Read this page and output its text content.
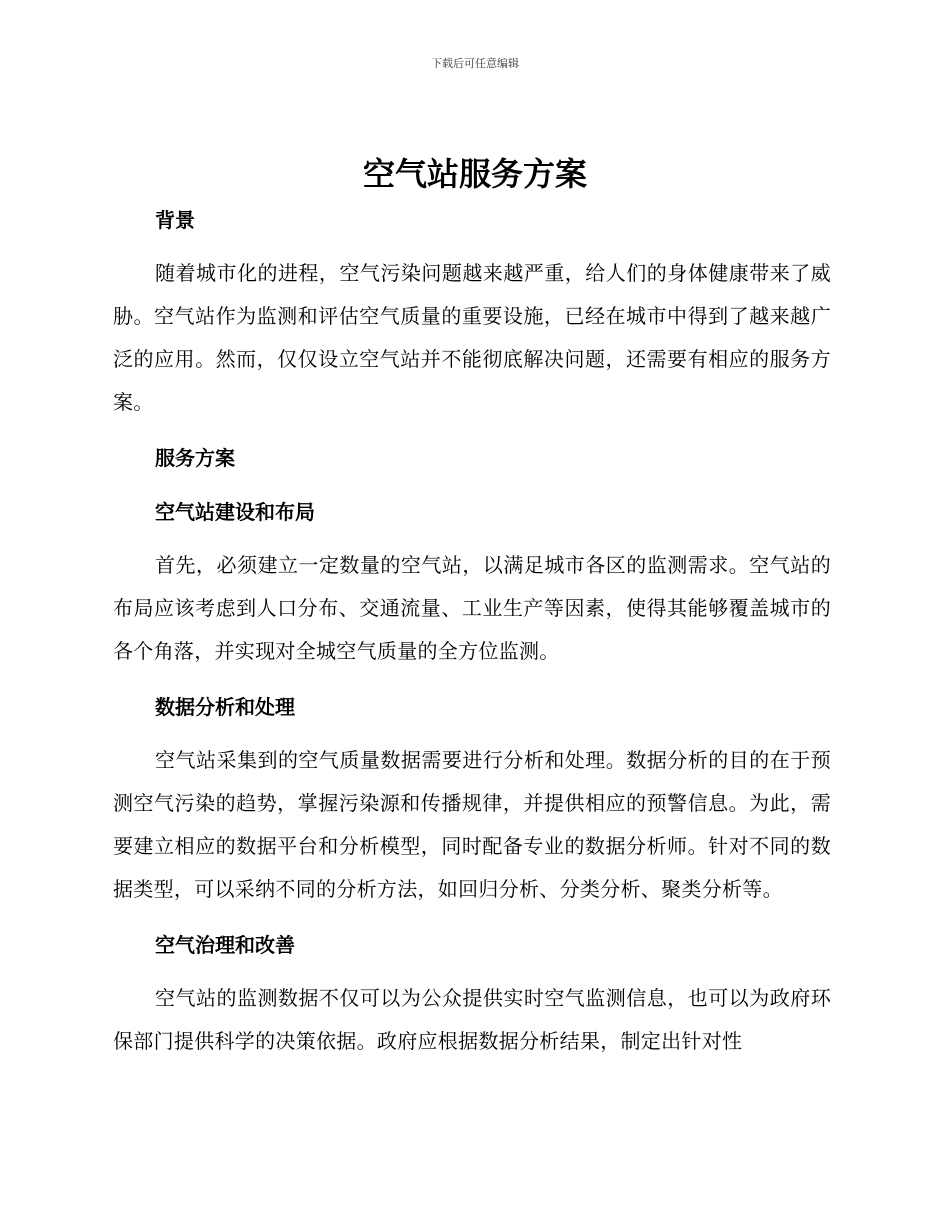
下载后可任意编辑
空气站服务方案
背景

随着城市化的进程，空气污染问题越来越严重，给人们的身体健康带来了威胁。空气站作为监测和评估空气质量的重要设施，已经在城市中得到了越来越广泛的应用。然而，仅仅设立空气站并不能彻底解决问题，还需要有相应的服务方案。

服务方案
空气站建设和布局

首先，必须建立一定数量的空气站，以满足城市各区的监测需求。空气站的布局应该考虑到人口分布、交通流量、工业生产等因素，使得其能够覆盖城市的各个角落，并实现对全城空气质量的全方位监测。

数据分析和处理

空气站采集到的空气质量数据需要进行分析和处理。数据分析的目的在于预测空气污染的趋势，掌握污染源和传播规律，并提供相应的预警信息。为此，需要建立相应的数据平台和分析模型，同时配备专业的数据分析师。针对不同的数据类型，可以采纳不同的分析方法，如回归分析、分类分析、聚类分析等。

空气治理和改善

空气站的监测数据不仅可以为公众提供实时空气监测信息，也可以为政府环保部门提供科学的决策依据。政府应根据数据分析结果，制定出针对性
